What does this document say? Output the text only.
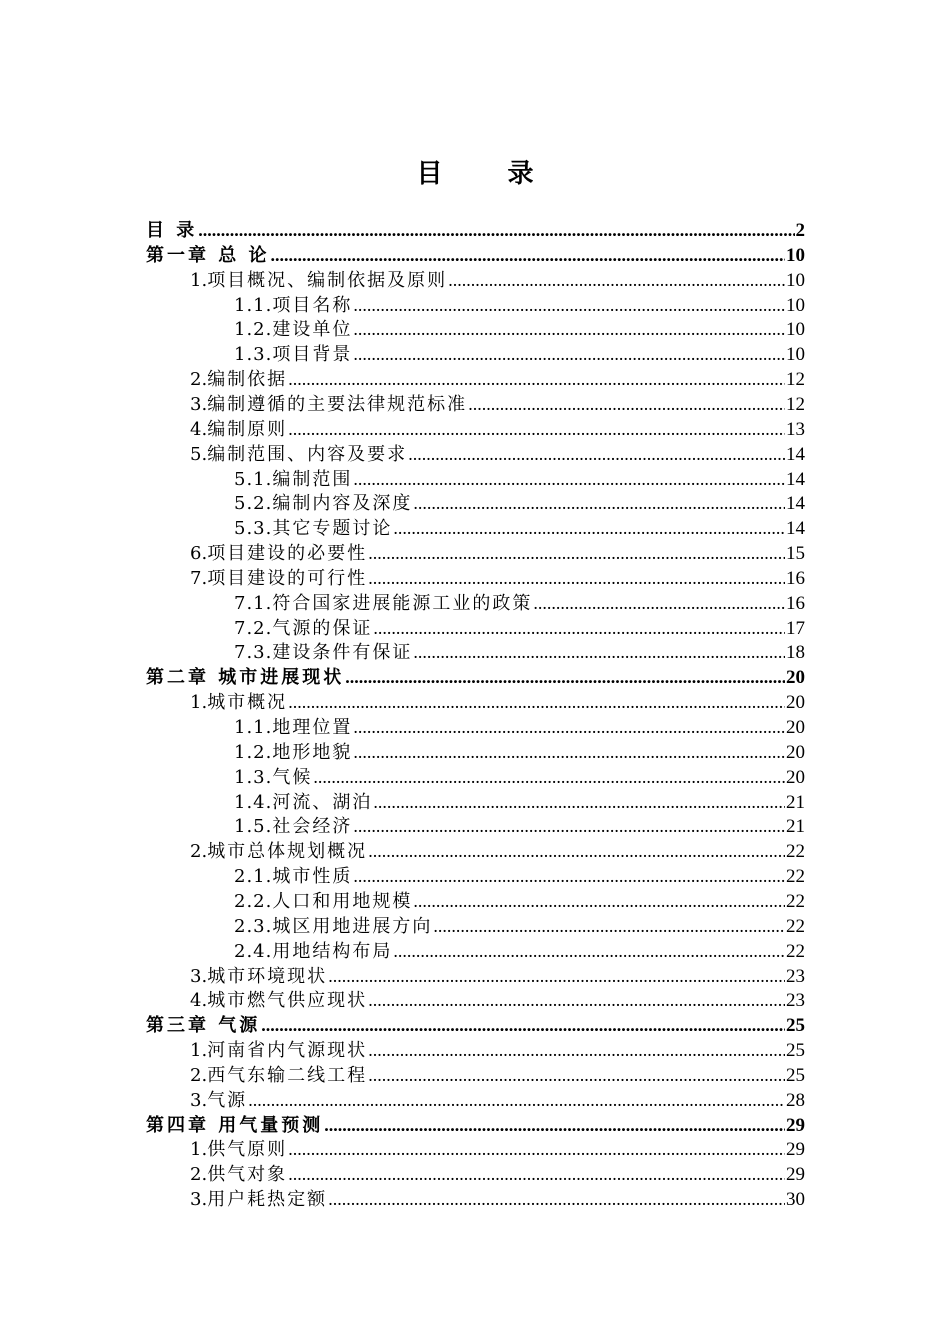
目 录
目 录 .....	2
第一章 总 论 .....	10
1. 项目概况、编制依据及原则 .....	10
1.1. 项目名称 .....	10
1.2. 建设单位 .....	10
1.3. 项目背景 .....	10
2. 编制依据 .....	12
3. 编制遵循的主要法律规范标准 .....	12
4. 编制原则 .....	13
5. 编制范围、内容及要求 .....	14
5.1. 编制范围 .....	14
5.2. 编制内容及深度 .....	14
5.3. 其它专题讨论 .....	14
6. 项目建设的必要性 .....	15
7. 项目建设的可行性 .....	16
7.1. 符合国家进展能源工业的政策 .....	16
7.2. 气源的保证 .....	17
7.3. 建设条件有保证 .....	18
第二章 城市进展现状 .....	20
1. 城市概况 .....	20
1.1. 地理位置 .....	20
1.2. 地形地貌 .....	20
1.3. 气候 .....	20
1.4. 河流、湖泊 .....	21
1.5. 社会经济 .....	21
2. 城市总体规划概况 .....	22
2.1. 城市性质 .....	22
2.2. 人口和用地规模 .....	22
2.3. 城区用地进展方向 .....	22
2.4. 用地结构布局 .....	22
3. 城市环境现状 .....	23
4. 城市燃气供应现状 .....	23
第三章 气源 .....	25
1. 河南省内气源现状 .....	25
2. 西气东输二线工程 .....	25
3. 气源 .....	28
第四章 用气量预测 .....	29
1. 供气原则 .....	29
2. 供气对象 .....	29
3. 用户耗热定额 .....	30
